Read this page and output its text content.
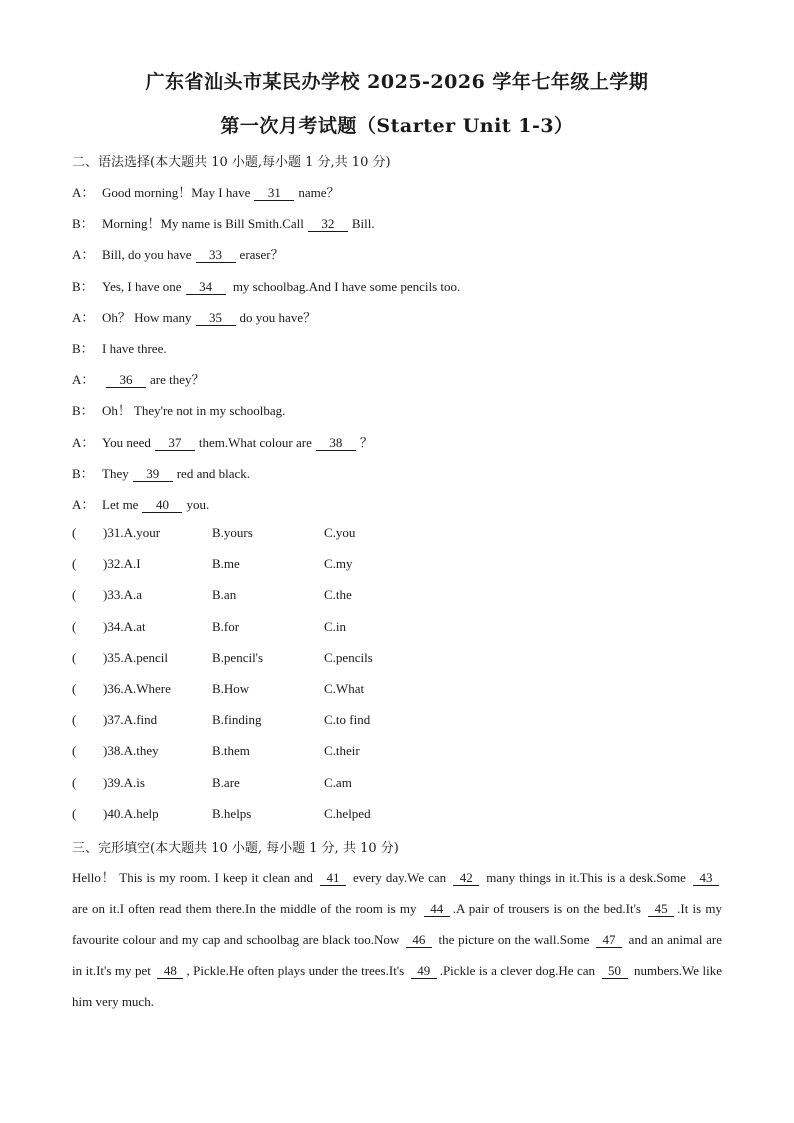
广东省汕头市某民办学校 2025-2026 学年七年级上学期
第一次月考试题（Starter Unit 1-3）
二、语法选择(本大题共 10 小题,每小题 1 分,共 10 分)
A： Good morning！May I have 31 name？
B： Morning！My name is Bill Smith.Call 32 Bill.
A： Bill, do you have 33 eraser？
B： Yes, I have one 34 my schoolbag.And I have some pencils too.
A： Oh？ How many 35 do you have？
B： I have three.
A： 36 are they？
B： Oh！ They're not in my schoolbag.
A： You need 37 them.What colour are 38 ？
B： They 39 red and black.
A： Let me 40 you.
( )31.A.your	B.yours	C.you
( )32.A.I	B.me	C.my
( )33.A.a	B.an	C.the
( )34.A.at	B.for	C.in
( )35.A.pencil	B.pencil's	C.pencils
( )36.A.Where	B.How	C.What
( )37.A.find	B.finding	C.to find
( )38.A.they	B.them	C.their
( )39.A.is	B.are	C.am
( )40.A.help	B.helps	C.helped
三、完形填空(本大题共 10 小题, 每小题 1 分, 共 10 分)
Hello！ This is my room. I keep it clean and 41 every day.We can 42 many things in it.This is a desk.Some 43 are on it.I often read them there.In the middle of the room is my 44 .A pair of trousers is on the bed.It's 45 .It is my favourite colour and my cap and schoolbag are black too.Now 46 the picture on the wall.Some 47 and an animal are in it.It's my pet 48 , Pickle.He often plays under the trees.It's 49 .Pickle is a clever dog.He can 50 numbers.We like him very much.
